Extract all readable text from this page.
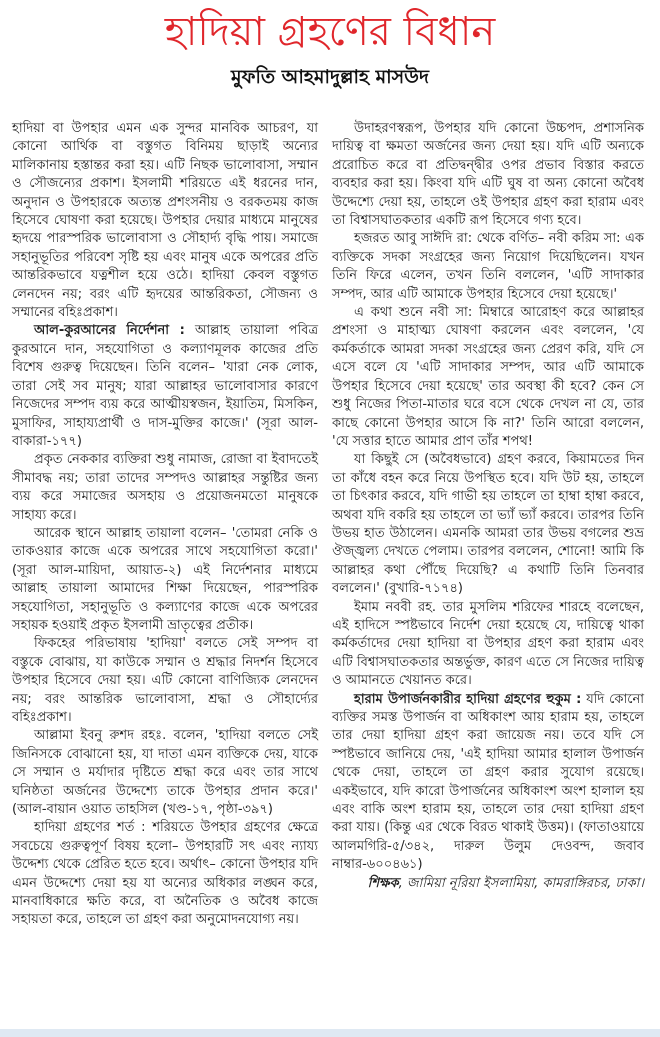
হাদিয়া গ্রহণের বিধান
মুফতি আহমাদুল্লাহ মাসউদ

হাদিয়া বা উপহার এমন এক সুন্দর মানবিক আচরণ, যা কোনো আর্থিক বা বস্তুগত বিনিময় ছাড়াই অন্যের মালিকানায় হস্তান্তর করা হয়। এটি নিছক ভালোবাসা, সম্মান ও সৌজন্যের প্রকাশ। ইসলামী শরিয়তে এই ধরনের দান, অনুদান ও উপহারকে অত্যন্ত প্রশংসনীয় ও বরকতময় কাজ হিসেবে ঘোষণা করা হয়েছে। উপহার দেয়ার মাধ্যমে মানুষের হৃদয়ে পারস্পরিক ভালোবাসা ও সৌহার্দ্য বৃদ্ধি পায়। সমাজে সহানুভূতির পরিবেশ সৃষ্টি হয় এবং মানুষ একে অপরের প্রতি আন্তরিকভাবে যত্নশীল হয়ে ওঠে। হাদিয়া কেবল বস্তুগত লেনদেন নয়; বরং এটি হৃদয়ের আন্তরিকতা, সৌজন্য ও সম্মানের বহিঃপ্রকাশ।

আল-কুরআনের নির্দেশনা : আল্লাহ তায়ালা পবিত্র কুরআনে দান, সহযোগিতা ও কল্যাণমূলক কাজের প্রতি বিশেষ গুরুত্ব দিয়েছেন। তিনি বলেন– 'যারা নেক লোক, তারা সেই সব মানুষ; যারা আল্লাহর ভালোবাসার কারণে নিজেদের সম্পদ ব্যয় করে আত্মীয়স্বজন, ইয়াতিম, মিসকিন, মুসাফির, সাহায্যপ্রার্থী ও দাস-মুক্তির কাজে।' (সূরা আল-বাকারা-১৭৭)

প্রকৃত নেককার ব্যক্তিরা শুধু নামাজ, রোজা বা ইবাদতেই সীমাবদ্ধ নয়; তারা তাদের সম্পদও আল্লাহর সন্তুষ্টির জন্য ব্যয় করে সমাজের অসহায় ও প্রয়োজনমতো মানুষকে সাহায্য করে।

আরেক স্থানে আল্লাহ তায়ালা বলেন– 'তোমরা নেকি ও তাকওয়ার কাজে একে অপরের সাথে সহযোগিতা করো।' (সূরা আল-মায়িদা, আয়াত-২) এই নির্দেশনার মাধ্যমে আল্লাহ তায়ালা আমাদের শিক্ষা দিয়েছেন, পারস্পরিক সহযোগিতা, সহানুভূতি ও কল্যাণের কাজে একে অপরের সহায়ক হওয়াই প্রকৃত ইসলামী ভ্রাতৃত্বের প্রতীক।

ফিকহের পরিভাষায় 'হাদিয়া' বলতে সেই সম্পদ বা বস্তুকে বোঝায়, যা কাউকে সম্মান ও শ্রদ্ধার নিদর্শন হিসেবে উপহার হিসেবে দেয়া হয়। এটি কোনো বাণিজ্যিক লেনদেন নয়; বরং আন্তরিক ভালোবাসা, শ্রদ্ধা ও সৌহার্দ্যের বহিঃপ্রকাশ।

আল্লামা ইবনু রুশদ রহঃ. বলেন, 'হাদিয়া বলতে সেই জিনিসকে বোঝানো হয়, যা দাতা এমন ব্যক্তিকে দেয়, যাকে সে সম্মান ও মর্যাদার দৃষ্টিতে শ্রদ্ধা করে এবং তার সাথে ঘনিষ্ঠতা অর্জনের উদ্দেশ্যে তাকে উপহার প্রদান করে।' (আল-বায়ান ওয়াত তাহসিল (খণ্ড-১৭, পৃষ্ঠা-৩৯৭)

হাদিয়া গ্রহণের শর্ত : শরিয়তে উপহার গ্রহণের ক্ষেত্রে সবচেয়ে গুরুত্বপূর্ণ বিষয় হলো– উপহারটি সৎ এবং ন্যায্য উদ্দেশ্য থেকে প্রেরিত হতে হবে। অর্থাৎ– কোনো উপহার যদি এমন উদ্দেশ্যে দেয়া হয় যা অন্যের অধিকার লঙ্ঘন করে, মানবাধিকারে ক্ষতি করে, বা অনৈতিক ও অবৈধ কাজে সহায়তা করে, তাহলে তা গ্রহণ করা অনুমোদনযোগ্য নয়।

উদাহরণস্বরূপ, উপহার যদি কোনো উচ্চপদ, প্রশাসনিক দায়িত্ব বা ক্ষমতা অর্জনের জন্য দেয়া হয়। যদি এটি অন্যকে প্ররোচিত করে বা প্রতিদ্বন্দ্বীর ওপর প্রভাব বিস্তার করতে ব্যবহার করা হয়। কিংবা যদি এটি ঘুষ বা অন্য কোনো অবৈধ উদ্দেশ্যে দেয়া হয়, তাহলে ওই উপহার গ্রহণ করা হারাম এবং তা বিশ্বাসঘাতকতার একটি রূপ হিসেবে গণ্য হবে।

হজরত আবু সাঈদি রা: থেকে বর্ণিত– নবী করিম সা: এক ব্যক্তিকে সদকা সংগ্রহের জন্য নিয়োগ দিয়েছিলেন। যখন তিনি ফিরে এলেন, তখন তিনি বললেন, 'এটি সাদাকার সম্পদ, আর এটি আমাকে উপহার হিসেবে দেয়া হয়েছে।'

এ কথা শুনে নবী সা: মিম্বারে আরোহণ করে আল্লাহর প্রশংসা ও মাহাত্ম্য ঘোষণা করলেন এবং বললেন, 'যে কর্মকর্তাকে আমরা সদকা সংগ্রহের জন্য প্রেরণ করি, যদি সে এসে বলে যে 'এটি সাদাকার সম্পদ, আর এটি আমাকে উপহার হিসেবে দেয়া হয়েছে' তার অবস্থা কী হবে? কেন সে শুধু নিজের পিতা-মাতার ঘরে বসে থেকে দেখল না যে, তার কাছে কোনো উপহার আসে কি না?' তিনি আরো বললেন, 'যে সত্তার হাতে আমার প্রাণ তাঁর শপথ!

যা কিছুই সে (অবৈধভাবে) গ্রহণ করবে, কিয়ামতের দিন তা কাঁধে বহন করে নিয়ে উপস্থিত হবে। যদি উট হয়, তাহলে তা চিৎকার করবে, যদি গাভী হয় তাহলে তা হাম্বা হাম্বা করবে, অথবা যদি বকরি হয় তাহলে তা ভ্যাঁ ভ্যাঁ করবে। তারপর তিনি উভয় হাত উঠালেন। এমনকি আমরা তার উভয় বগলের শুভ্র ঔজ্জ্বল্য দেখতে পেলাম। তারপর বললেন, শোনো! আমি কি আল্লাহর কথা পৌঁছে দিয়েছি? এ কথাটি তিনি তিনবার বললেন।' (বুখারি-৭১৭৪)

ইমাম নববী রহ. তার মুসলিম শরিফের শারহে বলেছেন, এই হাদিসে স্পষ্টভাবে নির্দেশ দেয়া হয়েছে যে, দায়িত্বে থাকা কর্মকর্তাদের দেয়া হাদিয়া বা উপহার গ্রহণ করা হারাম এবং এটি বিশ্বাসঘাতকতার অন্তর্ভুক্ত, কারণ এতে সে নিজের দায়িত্ব ও আমানতে খেয়ানত করে।

হারাম উপার্জনকারীর হাদিয়া গ্রহণের হুকুম : যদি কোনো ব্যক্তির সমস্ত উপার্জন বা অধিকাংশ আয় হারাম হয়, তাহলে তার দেয়া হাদিয়া গ্রহণ করা জায়েজ নয়। তবে যদি সে স্পষ্টভাবে জানিয়ে দেয়, 'এই হাদিয়া আমার হালাল উপার্জন থেকে দেয়া, তাহলে তা গ্রহণ করার সুযোগ রয়েছে। একইভাবে, যদি কারো উপার্জনের অধিকাংশ অংশ হালাল হয় এবং বাকি অংশ হারাম হয়, তাহলে তার দেয়া হাদিয়া গ্রহণ করা যায়। (কিন্তু এর থেকে বিরত থাকাই উত্তম)। (ফাতাওয়ায়ে আলমগিরি-৫/৩৪২, দারুল উলুম দেওবন্দ, জবাব নাম্বার-৬০০৪৬১)

শিক্ষক, জামিয়া নূরিয়া ইসলামিয়া, কামরাঙ্গিরচর, ঢাকা।
